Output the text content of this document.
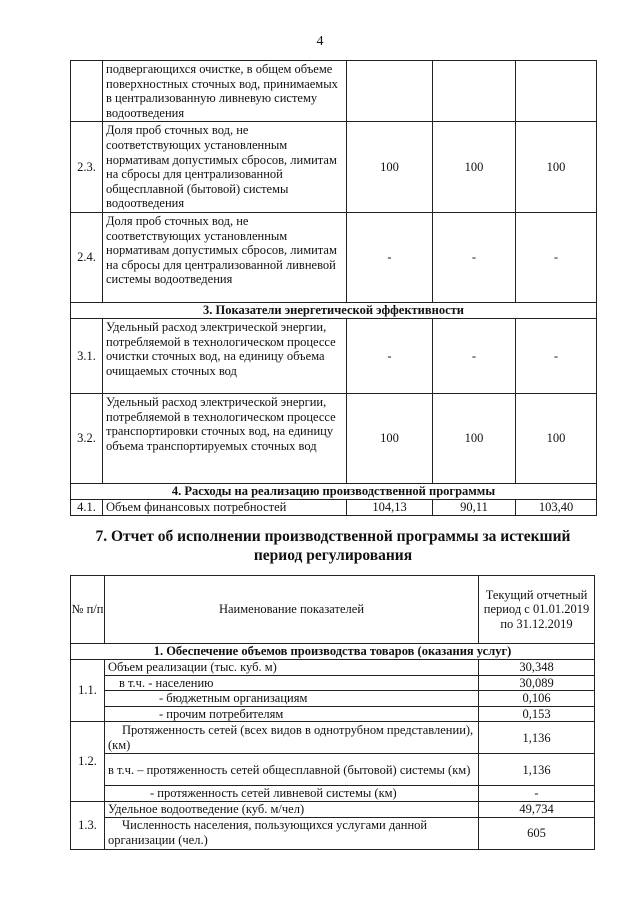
4
	подвергающихся очистке, в общем объеме поверхностных сточных вод, принимаемых в централизованную ливневую систему водоотведения			
2.3.	Доля проб сточных вод, не соответствующих установленным нормативам допустимых сбросов, лимитам на сбросы для централизованной общесплавной (бытовой) системы водоотведения	100	100	100
2.4.	Доля проб сточных вод, не соответствующих установленным нормативам допустимых сбросов, лимитам на сбросы для централизованной ливневой системы водоотведения	-	-	-
3. Показатели энергетической эффективности				
3.1.	Удельный расход электрической энергии, потребляемой в технологическом процессе очистки сточных вод, на единицу объема очищаемых сточных вод	-	-	-
3.2.	Удельный расход электрической энергии, потребляемой в технологическом процессе транспортировки сточных вод, на единицу объема транспортируемых сточных вод	100	100	100
4. Расходы на реализацию производственной программы				
4.1.	Объем финансовых потребностей	104,13	90,11	103,40
7. Отчет об исполнении производственной программы за истекший период регулирования
№ п/п	Наименование показателей	Текущий отчетный период с 01.01.2019 по 31.12.2019
1. Обеспечение объемов производства товаров (оказания услуг)		
1.1.	Объем реализации (тыс. куб. м)	30,348
	в т.ч. - населению	30,089
	- бюджетным организациям	0,106
	- прочим потребителям	0,153
1.2.	Протяженность сетей (всех видов в однотрубном представлении), (км)	1,136
	в т.ч. – протяженность сетей общесплавной (бытовой) системы (км)	1,136
	- протяженность сетей ливневой системы (км)	-
1.3.	Удельное водоотведение (куб. м/чел)	49,734
	Численность населения, пользующихся услугами данной организации (чел.)	605
